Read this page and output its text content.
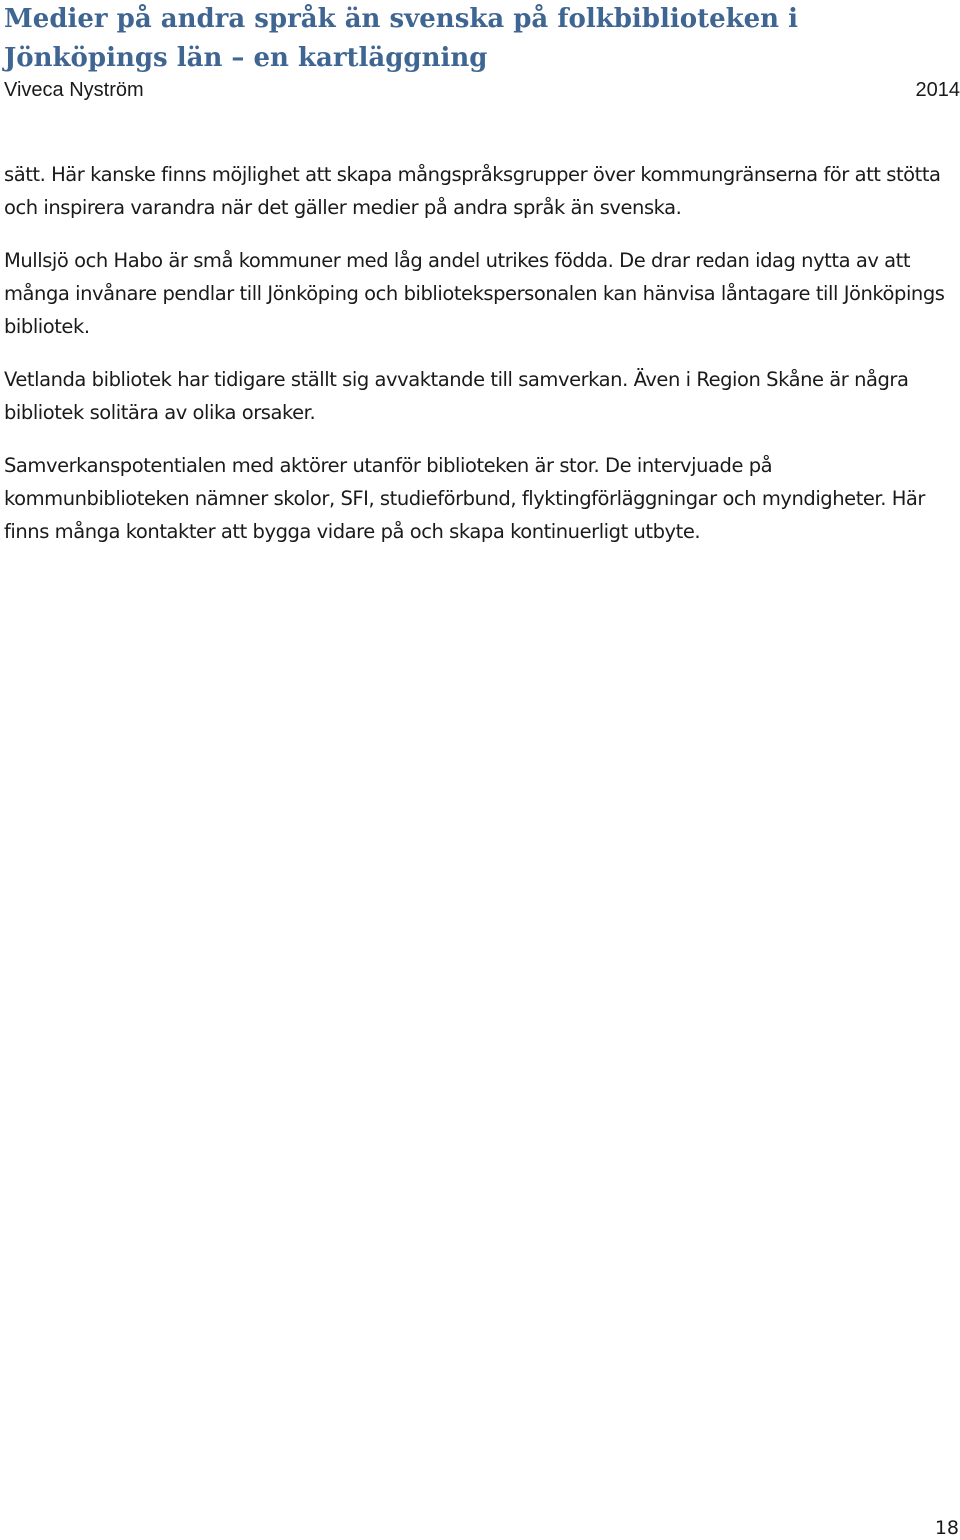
Medier på andra språk än svenska på folkbiblioteken i Jönköpings län – en kartläggning
Viveca Nyström	2014

sätt. Här kanske finns möjlighet att skapa mångspråksgrupper över kommungränserna för att stötta och inspirera varandra när det gäller medier på andra språk än svenska.

Mullsjö och Habo är små kommuner med låg andel utrikes födda. De drar redan idag nytta av att många invånare pendlar till Jönköping och bibliotekspersonalen kan hänvisa låntagare till Jönköpings bibliotek.

Vetlanda bibliotek har tidigare ställt sig avvaktande till samverkan. Även i Region Skåne är några bibliotek solitära av olika orsaker.

Samverkanspotentialen med aktörer utanför biblioteken är stor. De intervjuade på kommunbiblioteken nämner skolor, SFI, studieförbund, flyktingförläggningar och myndigheter. Här finns många kontakter att bygga vidare på och skapa kontinuerligt utbyte.

18
